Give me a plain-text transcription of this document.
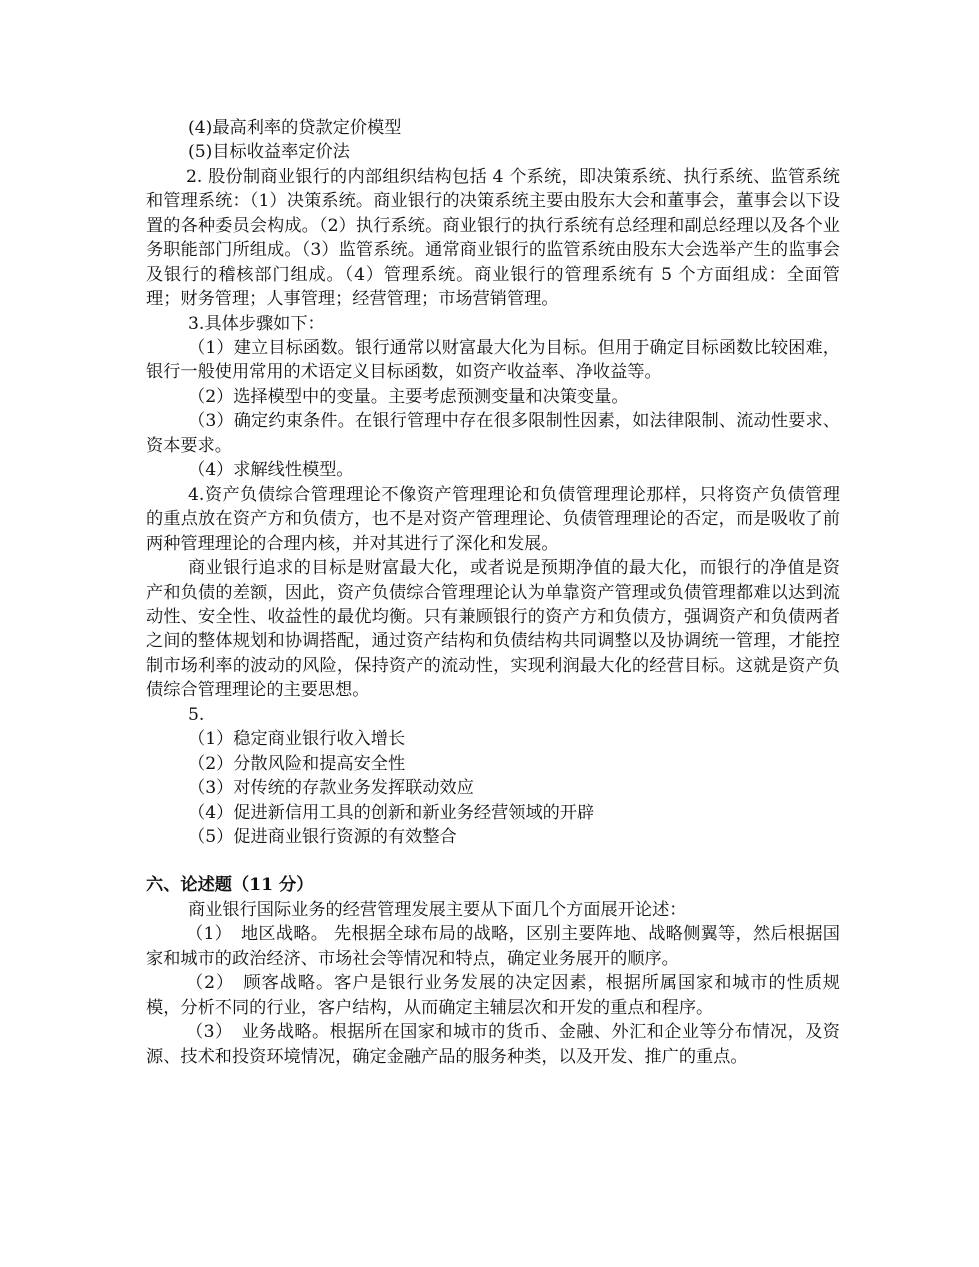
(4)最高利率的贷款定价模型
(5)目标收益率定价法

2. 股份制商业银行的内部组织结构包括 4 个系统，即决策系统、执行系统、监管系统和管理系统：（1）决策系统。商业银行的决策系统主要由股东大会和董事会，董事会以下设置的各种委员会构成。（2）执行系统。商业银行的执行系统有总经理和副总经理以及各个业务职能部门所组成。（3）监管系统。通常商业银行的监管系统由股东大会选举产生的监事会及银行的稽核部门组成。（4）管理系统。商业银行的管理系统有 5 个方面组成：全面管理；财务管理；人事管理；经营管理；市场营销管理。

3.具体步骤如下：

（1）建立目标函数。银行通常以财富最大化为目标。但用于确定目标函数比较困难，银行一般使用常用的术语定义目标函数，如资产收益率、净收益等。

（2）选择模型中的变量。主要考虑预测变量和决策变量。

（3）确定约束条件。在银行管理中存在很多限制性因素，如法律限制、流动性要求、资本要求。

（4）求解线性模型。

4.资产负债综合管理理论不像资产管理理论和负债管理理论那样，只将资产负债管理的重点放在资产方和负债方，也不是对资产管理理论、负债管理理论的否定，而是吸收了前两种管理理论的合理内核，并对其进行了深化和发展。

商业银行追求的目标是财富最大化，或者说是预期净值的最大化，而银行的净值是资产和负债的差额，因此，资产负债综合管理理论认为单靠资产管理或负债管理都难以达到流动性、安全性、收益性的最优均衡。只有兼顾银行的资产方和负债方，强调资产和负债两者之间的整体规划和协调搭配，通过资产结构和负债结构共同调整以及协调统一管理，才能控制市场利率的波动的风险，保持资产的流动性，实现利润最大化的经营目标。这就是资产负债综合管理理论的主要思想。

5.
（1）稳定商业银行收入增长
（2）分散风险和提高安全性
（3）对传统的存款业务发挥联动效应
（4）促进新信用工具的创新和新业务经营领域的开辟
（5）促进商业银行资源的有效整合
六、论述题（11 分）
商业银行国际业务的经营管理发展主要从下面几个方面展开论述：

（1）　地区战略。 先根据全球布局的战略，区别主要阵地、战略侧翼等，然后根据国家和城市的政治经济、市场社会等情况和特点，确定业务展开的顺序。

（2）　顾客战略。客户是银行业务发展的决定因素，根据所属国家和城市的性质规模，分析不同的行业，客户结构，从而确定主辅层次和开发的重点和程序。

（3）　业务战略。根据所在国家和城市的货币、金融、外汇和企业等分布情况，及资源、技术和投资环境情况，确定金融产品的服务种类，以及开发、推广的重点。
